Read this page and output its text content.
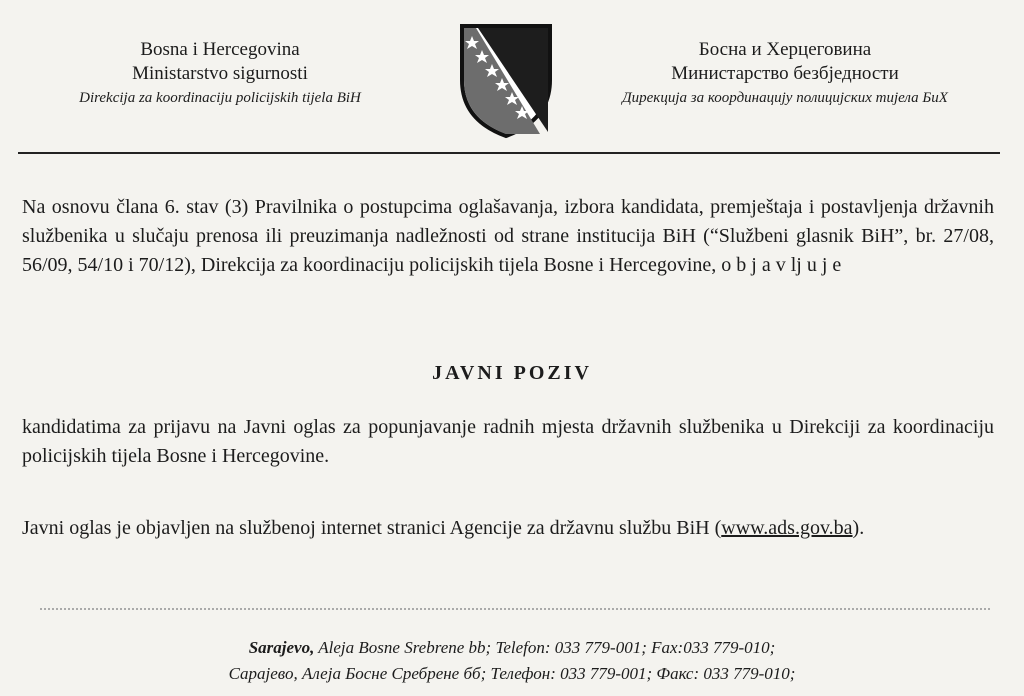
Bosna i Hercegovina
Ministarstvo sigurnosti
Direkcija za koordinaciju policijskih tijela BiH
Босна и Херцеговина
Министарство безбједности
Дирекција за координацију полицијских тијела БиХ
Na osnovu člana 6. stav (3) Pravilnika o postupcima oglašavanja, izbora kandidata, premještaja i postavljenja državnih službenika u slučaju prenosa ili preuzimanja nadležnosti od strane institucija BiH (“Službeni glasnik BiH”, br. 27/08, 56/09, 54/10 i 70/12), Direkcija za koordinaciju policijskih tijela Bosne i Hercegovine, o b j a v lj u j e
JAVNI POZIV
kandidatima za prijavu na Javni oglas za popunjavanje radnih mjesta državnih službenika u Direkciji za koordinaciju policijskih tijela Bosne i Hercegovine.
Javni oglas je objavljen na službenoj internet stranici Agencije za državnu službu BiH (www.ads.gov.ba).
Sarajevo, Aleja Bosne Srebrene bb; Telefon: 033 779-001; Fax:033 779-010;
Сарајево, Алеја Босне Сребрене бб; Телефон: 033 779-001; Факс: 033 779-010;
